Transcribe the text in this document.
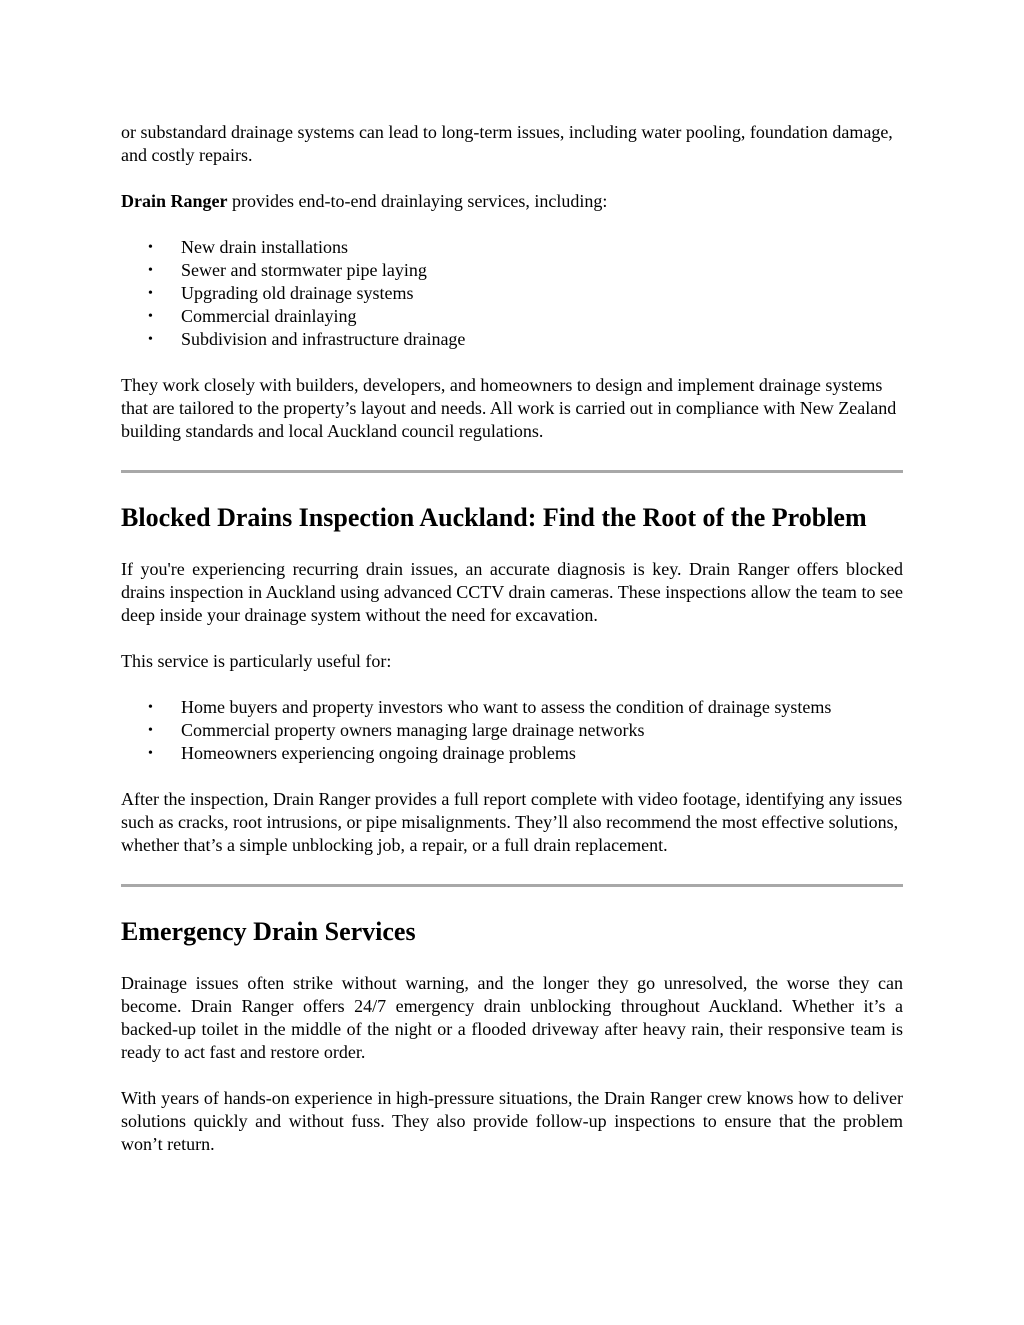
or substandard drainage systems can lead to long-term issues, including water pooling, foundation damage, and costly repairs.

Drain Ranger provides end-to-end drainlaying services, including:

• New drain installations
• Sewer and stormwater pipe laying
• Upgrading old drainage systems
• Commercial drainlaying
• Subdivision and infrastructure drainage

They work closely with builders, developers, and homeowners to design and implement drainage systems that are tailored to the property’s layout and needs. All work is carried out in compliance with New Zealand building standards and local Auckland council regulations.

Blocked Drains Inspection Auckland: Find the Root of the Problem

If you're experiencing recurring drain issues, an accurate diagnosis is key. Drain Ranger offers blocked drains inspection in Auckland using advanced CCTV drain cameras. These inspections allow the team to see deep inside your drainage system without the need for excavation.

This service is particularly useful for:

• Home buyers and property investors who want to assess the condition of drainage systems
• Commercial property owners managing large drainage networks
• Homeowners experiencing ongoing drainage problems

After the inspection, Drain Ranger provides a full report complete with video footage, identifying any issues such as cracks, root intrusions, or pipe misalignments. They’ll also recommend the most effective solutions, whether that’s a simple unblocking job, a repair, or a full drain replacement.

Emergency Drain Services

Drainage issues often strike without warning, and the longer they go unresolved, the worse they can become. Drain Ranger offers 24/7 emergency drain unblocking throughout Auckland. Whether it’s a backed-up toilet in the middle of the night or a flooded driveway after heavy rain, their responsive team is ready to act fast and restore order.

With years of hands-on experience in high-pressure situations, the Drain Ranger crew knows how to deliver solutions quickly and without fuss. They also provide follow-up inspections to ensure that the problem won’t return.
